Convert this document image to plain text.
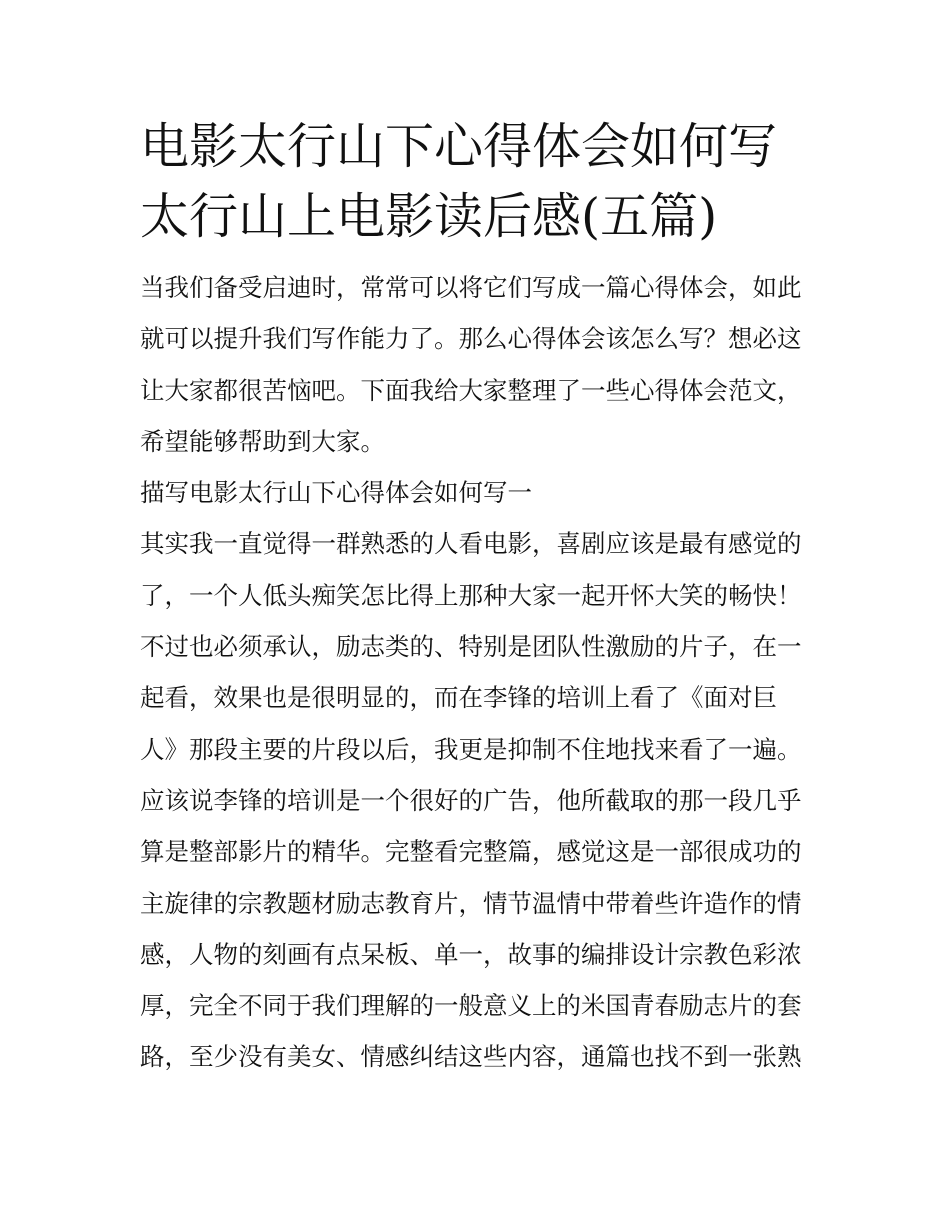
电影太行山下心得体会如何写
太行山上电影读后感(五篇)
当我们备受启迪时，常常可以将它们写成一篇心得体会，如此
就可以提升我们写作能力了。那么心得体会该怎么写？想必这
让大家都很苦恼吧。下面我给大家整理了一些心得体会范文，
希望能够帮助到大家。
描写电影太行山下心得体会如何写一
其实我一直觉得一群熟悉的人看电影，喜剧应该是最有感觉的
了，一个人低头痴笑怎比得上那种大家一起开怀大笑的畅快！
不过也必须承认，励志类的、特别是团队性激励的片子，在一
起看，效果也是很明显的，而在李锋的培训上看了《面对巨
人》那段主要的片段以后，我更是抑制不住地找来看了一遍。
应该说李锋的培训是一个很好的广告，他所截取的那一段几乎
算是整部影片的精华。完整看完整篇，感觉这是一部很成功的
主旋律的宗教题材励志教育片，情节温情中带着些许造作的情
感，人物的刻画有点呆板、单一，故事的编排设计宗教色彩浓
厚，完全不同于我们理解的一般意义上的米国青春励志片的套
路，至少没有美女、情感纠结这些内容，通篇也找不到一张熟
